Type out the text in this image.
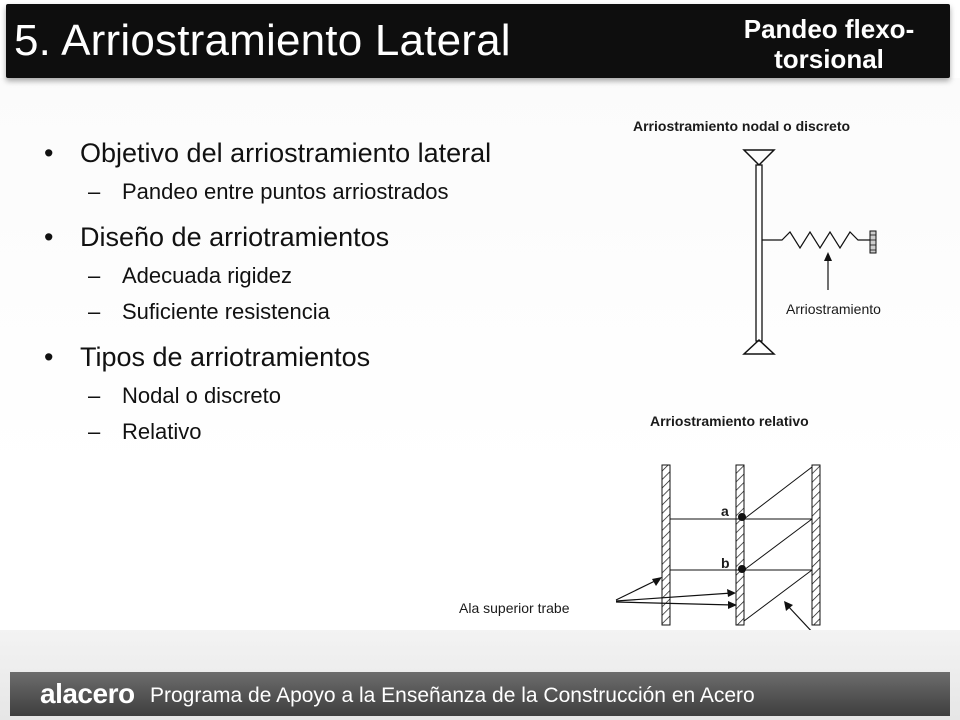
5. Arriostramiento Lateral	Pandeo flexo-
torsional
• Objetivo del arriostramiento lateral
– Pandeo entre puntos arriostrados
• Diseño de arriotramientos
– Adecuada rigidez
– Suficiente resistencia
• Tipos de arriotramientos
– Nodal o discreto
– Relativo
Arriostramiento nodal o discreto
Arriostramiento
Arriostramiento relativo
a
b
Ala superior trabe
alacero Programa de Apoyo a la Enseñanza de la Construcción en Acero
